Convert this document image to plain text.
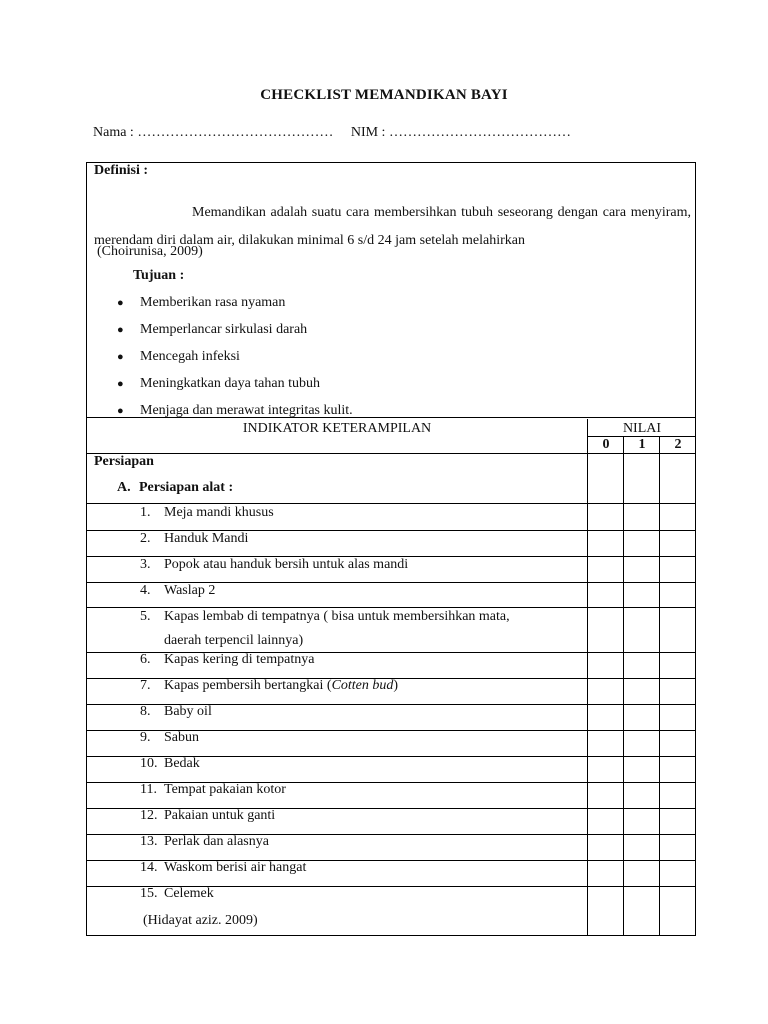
CHECKLIST MEMANDIKAN BAYI
Nama : …………………………………… NIM : …………………………………
Definisi :
Memandikan adalah suatu cara membersihkan tubuh seseorang dengan cara menyiram, merendam diri dalam air, dilakukan minimal 6 s/d 24 jam setelah melahirkan
(Choirunisa, 2009)
Tujuan :
● Memberikan rasa nyaman
● Memperlancar sirkulasi darah
● Mencegah infeksi
● Meningkatkan daya tahan tubuh
● Menjaga dan merawat integritas kulit.
INDIKATOR KETERAMPILAN	NILAI
0	1	2
Persiapan
A. Persiapan alat :
1. Meja mandi khusus
2. Handuk Mandi
3. Popok atau handuk bersih untuk alas mandi
4. Waslap 2
5. Kapas lembab di tempatnya ( bisa untuk membersihkan mata,
daerah terpencil lainnya)
6. Kapas kering di tempatnya
7. Kapas pembersih bertangkai (Cotten bud)
8. Baby oil
9. Sabun
10. Bedak
11. Tempat pakaian kotor
12. Pakaian untuk ganti
13. Perlak dan alasnya
14. Waskom berisi air hangat
15. Celemek
(Hidayat aziz. 2009)
